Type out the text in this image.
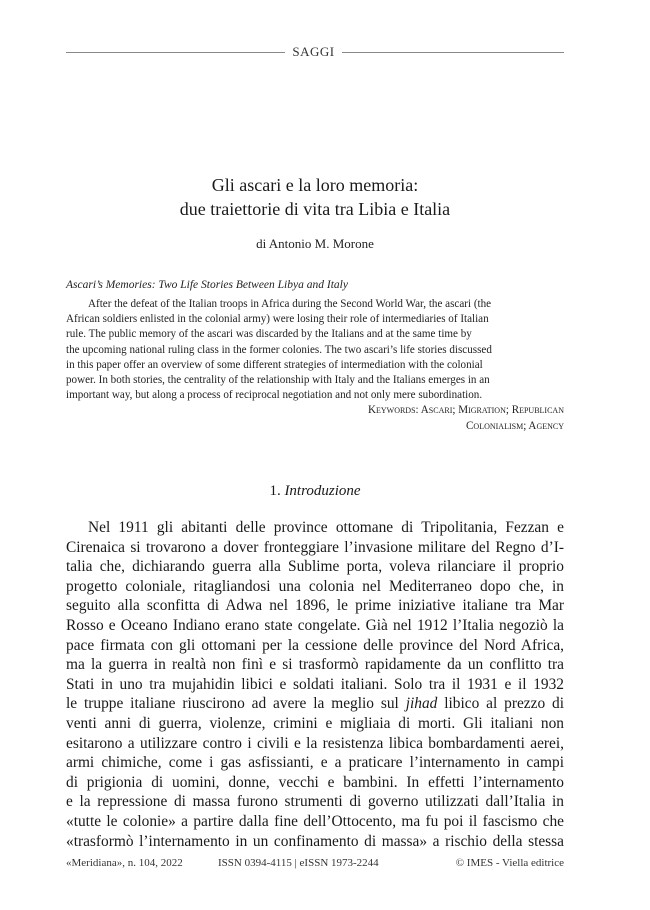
SAGGI
Gli ascari e la loro memoria:
due traiettorie di vita tra Libia e Italia
di Antonio M. Morone
Ascari’s Memories: Two Life Stories Between Libya and Italy
After the defeat of the Italian troops in Africa during the Second World War, the ascari (the
African soldiers enlisted in the colonial army) were losing their role of intermediaries of Italian
rule. The public memory of the ascari was discarded by the Italians and at the same time by
the upcoming national ruling class in the former colonies. The two ascari’s life stories discussed
in this paper offer an overview of some different strategies of intermediation with the colonial
power. In both stories, the centrality of the relationship with Italy and the Italians emerges in an
important way, but along a process of reciprocal negotiation and not only mere subordination.
Keywords: Ascari; Migration; Republican
Colonialism; Agency
1. Introduzione
Nel 1911 gli abitanti delle province ottomane di Tripolitania, Fezzan e
Cirenaica si trovarono a dover fronteggiare l’invasione militare del Regno d’I-
talia che, dichiarando guerra alla Sublime porta, voleva rilanciare il proprio
progetto coloniale, ritagliandosi una colonia nel Mediterraneo dopo che, in
seguito alla sconfitta di Adwa nel 1896, le prime iniziative italiane tra Mar
Rosso e Oceano Indiano erano state congelate. Già nel 1912 l’Italia negoziò la
pace firmata con gli ottomani per la cessione delle province del Nord Africa,
ma la guerra in realtà non finì e si trasformò rapidamente da un conflitto tra
Stati in uno tra mujahidin libici e soldati italiani. Solo tra il 1931 e il 1932
le truppe italiane riuscirono ad avere la meglio sul jihad libico al prezzo di
venti anni di guerra, violenze, crimini e migliaia di morti. Gli italiani non
esitarono a utilizzare contro i civili e la resistenza libica bombardamenti aerei,
armi chimiche, come i gas asfissianti, e a praticare l’internamento in campi
di prigionia di uomini, donne, vecchi e bambini. In effetti l’internamento
e la repressione di massa furono strumenti di governo utilizzati dall’Italia in
«tutte le colonie» a partire dalla fine dell’Ottocento, ma fu poi il fascismo che
«trasformò l’internamento in un confinamento di massa» a rischio della stessa
«Meridiana», n. 104, 2022	ISSN 0394-4115 | eISSN 1973-2244	© IMES - Viella editrice
